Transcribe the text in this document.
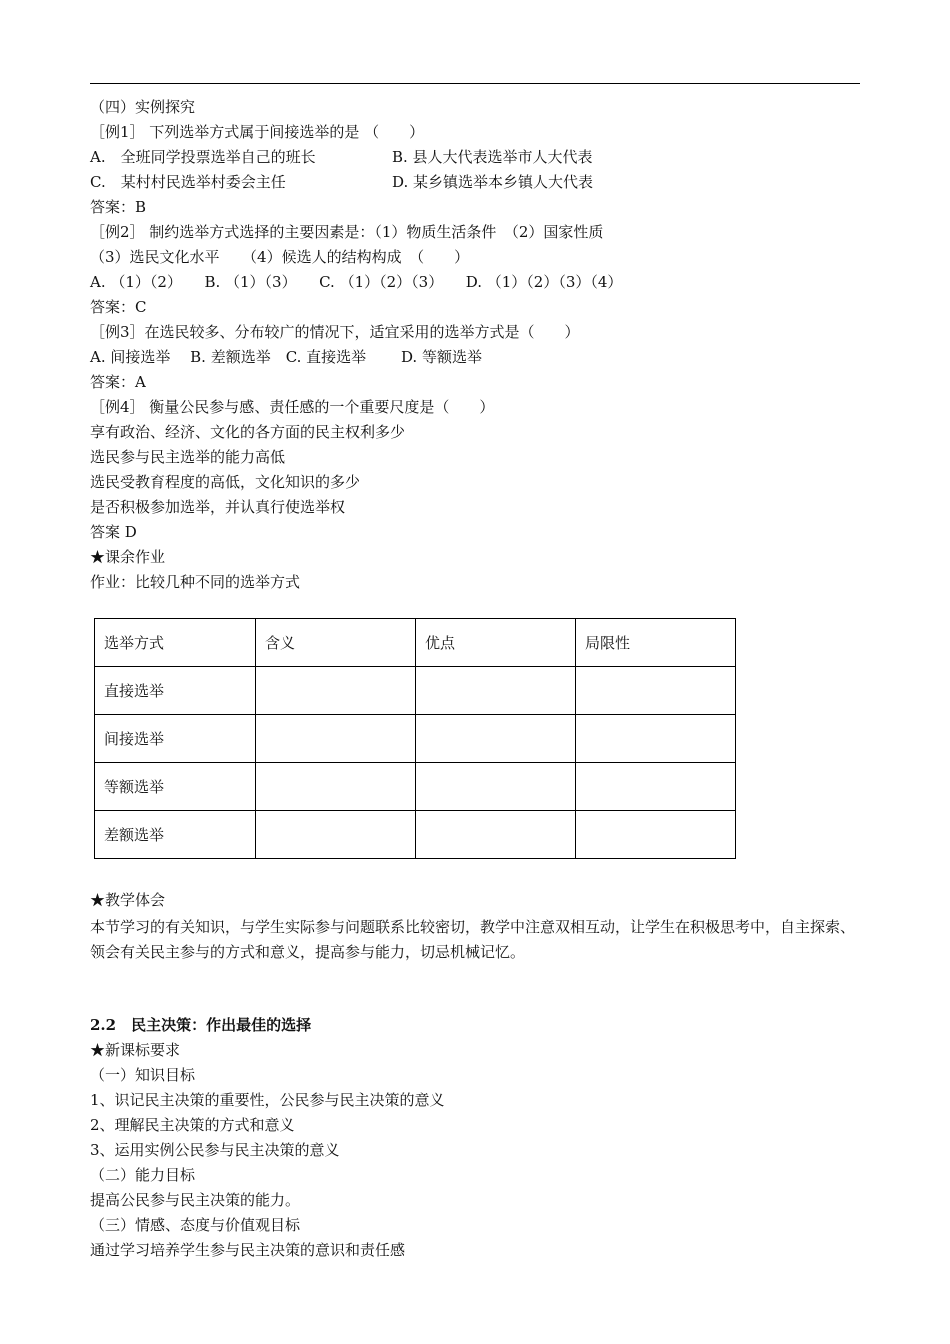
（四）实例探究
［例1］ 下列选举方式属于间接选举的是 （　　）
A.　全班同学投票选举自己的班长	B. 县人大代表选举市人大代表
C.　某村村民选举村委会主任	D. 某乡镇选举本乡镇人大代表
答案：B
［例2］ 制约选举方式选择的主要因素是：（1）物质生活条件　（2）国家性质
（3）选民文化水平　　（4）候选人的结构构成　（　　）
A. （1）（2）　　B. （1）（3）　　C. （1）（2）（3）　　D. （1）（2）（3）（4）
答案：C
［例3］在选民较多、分布较广的情况下，适宜采用的选举方式是（　　）
A. 间接选举　 B. 差额选举　C. 直接选举　　 D. 等额选举
答案：A
［例4］ 衡量公民参与感、责任感的一个重要尺度是（　　）
享有政治、经济、文化的各方面的民主权利多少
选民参与民主选举的能力高低
选民受教育程度的高低，文化知识的多少
是否积极参加选举，并认真行使选举权
答案 D
★课余作业
作业：比较几种不同的选举方式
选举方式	含义	优点	局限性
直接选举			
间接选举			
等额选举			
差额选举			
★教学体会
本节学习的有关知识，与学生实际参与问题联系比较密切，教学中注意双相互动，让学生在积极思考中，自主探索、领会有关民主参与的方式和意义，提高参与能力，切忌机械记忆。
2.2　民主决策：作出最佳的选择
★新课标要求
（一）知识目标
1、识记民主决策的重要性，公民参与民主决策的意义
2、理解民主决策的方式和意义
3、运用实例公民参与民主决策的意义
（二）能力目标
提高公民参与民主决策的能力。
（三）情感、态度与价值观目标
通过学习培养学生参与民主决策的意识和责任感
